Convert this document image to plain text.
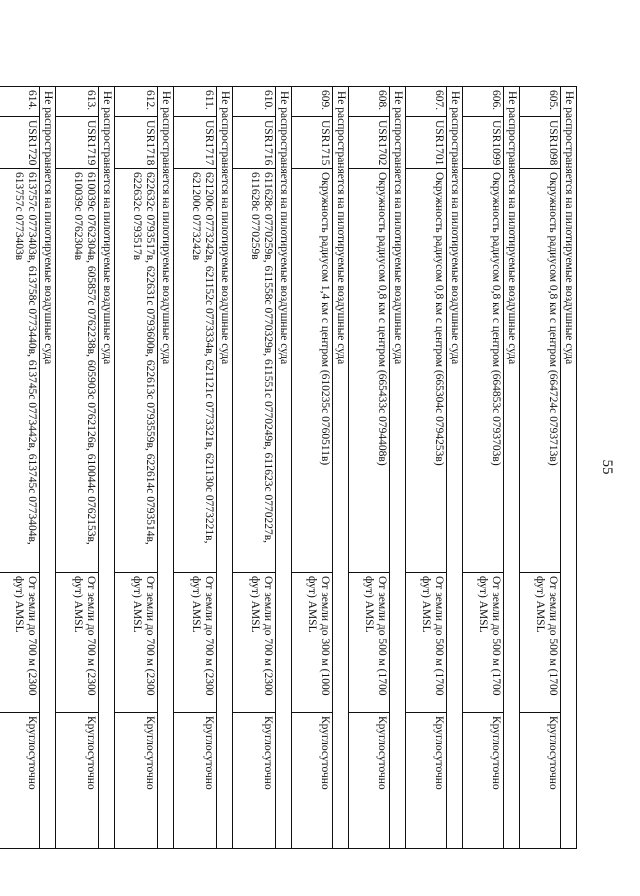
55
Не распространяется на пилотируемые воздушные суда				
605.	USR1098	Окружность радиусом 0,8 км с центром (664724с 0793713в)	От земли до 500 м (1700 фут) AMSL	Круглосуточно
Не распространяется на пилотируемые воздушные суда				
606.	USR1099	Окружность радиусом 0,8 км с центром (664853с 0793703в)	От земли до 500 м (1700 фут) AMSL	Круглосуточно
Не распространяется на пилотируемые воздушные суда				
607.	USR1701	Окружность радиусом 0,8 км с центром (665304с 0794253в)	От земли до 500 м (1700 фут) AMSL	Круглосуточно
Не распространяется на пилотируемые воздушные суда				
608.	USR1702	Окружность радиусом 0,8 км с центром (665433с 0794408в)	От земли до 500 м (1700 фут) AMSL	Круглосуточно
Не распространяется на пилотируемые воздушные суда				
609.	USR1715	Окружность радиусом 1,4 км с центром (610235с 0760511в)	От земли до 300 м (1000 фут) AMSL	Круглосуточно
Не распространяется на пилотируемые воздушные суда				
610.	USR1716	611628с 0770259в, 611558с 0770329в, 611551с 0770249в, 611623с 0770227в, 611628с 0770259в	От земли до 700 м (2300 фут) AMSL	Круглосуточно
Не распространяется на пилотируемые воздушные суда				
611.	USR1717	621200с 0773242в, 621152с 0773334в, 621121с 0773321в, 621130с 0773221в, 621200с 0773242в	От земли до 700 м (2300 фут) AMSL	Круглосуточно
Не распространяется на пилотируемые воздушные суда				
612.	USR1718	622632с 0793517в, 622631с 0793600в, 622613с 0793559в, 622614с 0793514в, 622632с 0793517в	От земли до 700 м (2300 фут) AMSL	Круглосуточно
Не распространяется на пилотируемые воздушные суда				
613.	USR1719	610039с 0762304в, 605857с 0762238в, 605903с 0762126в, 610044с 0762153в, 610039с 0762304в	От земли до 700 м (2300 фут) AMSL	Круглосуточно
Не распространяется на пилотируемые воздушные суда				
614.	USR1720	613757с 0773403в, 613758с 0773440в, 613745с 0773442в, 613745с 0773404в, 613757с 0773403в	От земли до 700 м (2300 фут) AMSL	Круглосуточно
